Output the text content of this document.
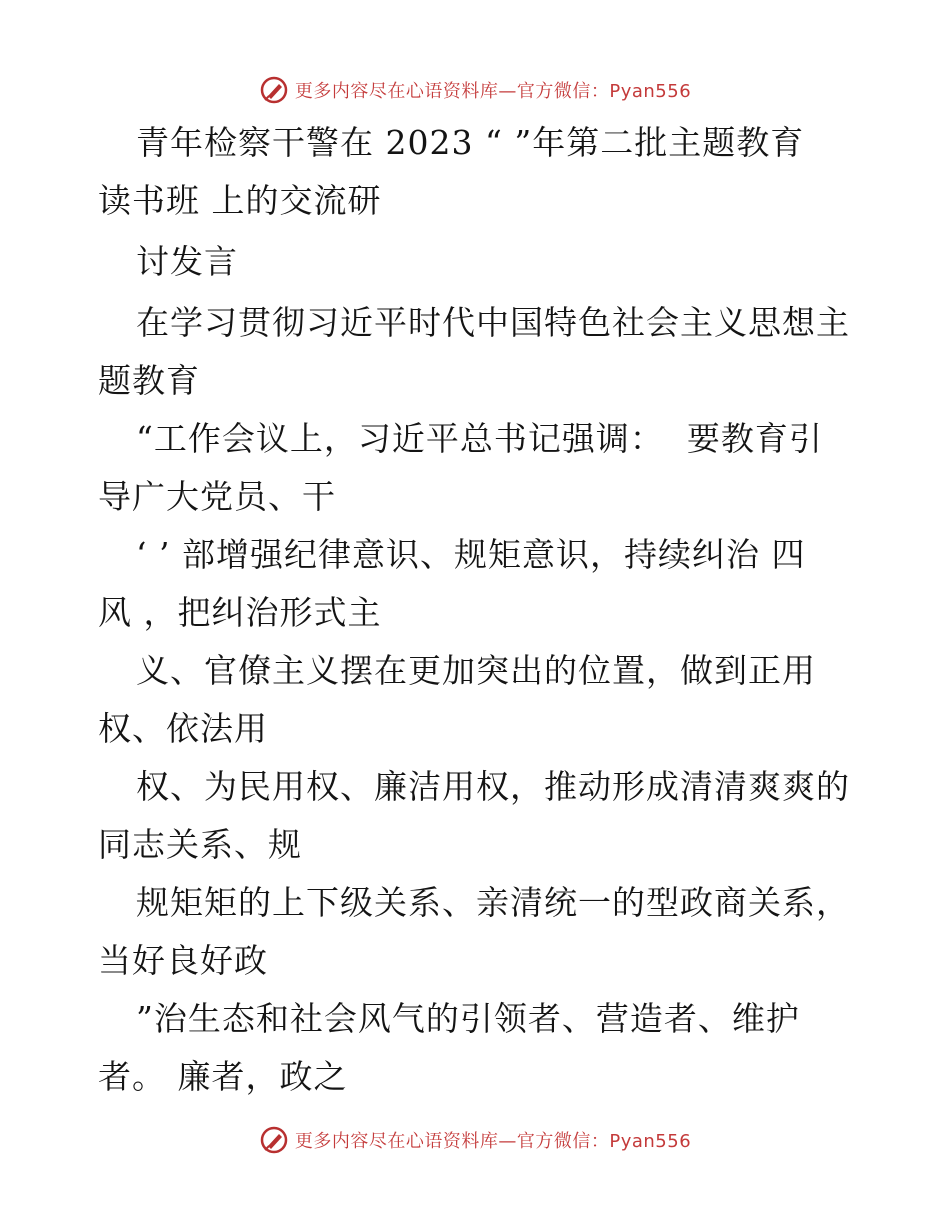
更多内容尽在心语资料库—官方微信：Pyan556
青年检察干警在 2023 “ ”年第二批主题教育
读书班 上的交流研
讨发言
在学习贯彻习近平时代中国特色社会主义思想主
题教育
“工作会议上，习近平总书记强调：  要教育引
导广大党员、干
‘ ’ 部增强纪律意识、规矩意识，持续纠治 四
风 ，把纠治形式主
义、官僚主义摆在更加突出的位置，做到正用
权、依法用
权、为民用权、廉洁用权，推动形成清清爽爽的
同志关系、规
规矩矩的上下级关系、亲清统一的型政商关系，
当好良好政
”治生态和社会风气的引领者、营造者、维护
者。 廉者，政之
更多内容尽在心语资料库—官方微信：Pyan556
